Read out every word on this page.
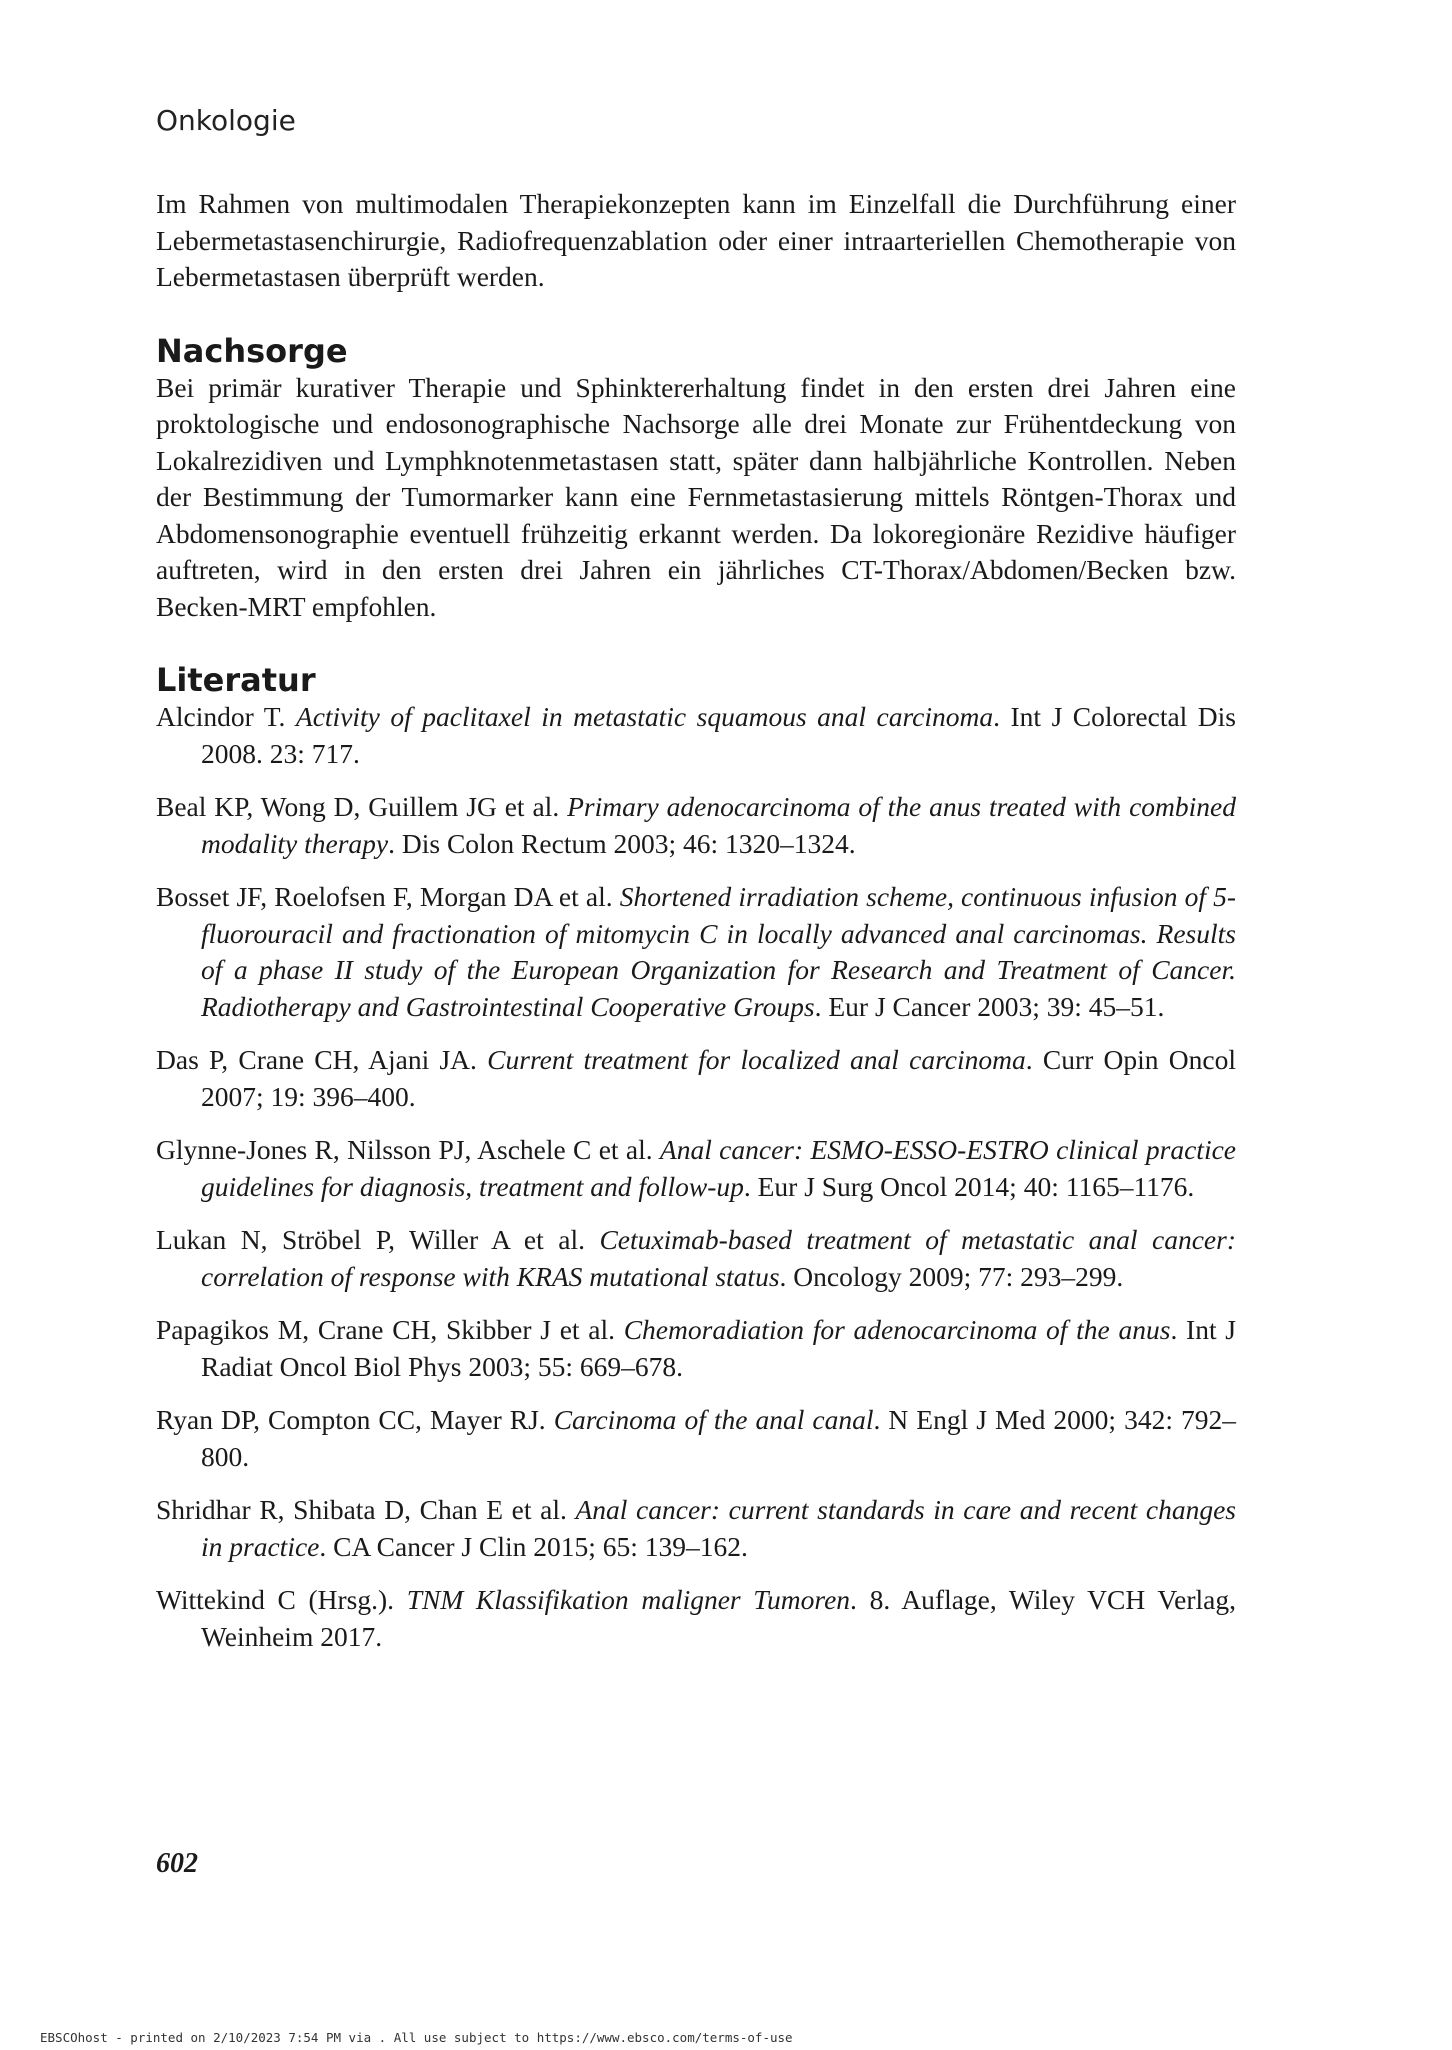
Onkologie

Im Rahmen von multimodalen Therapiekonzepten kann im Einzelfall die Durchführung einer Lebermetastasenchirurgie, Radiofrequenzablation oder einer intraarteriellen Chemotherapie von Lebermetastasen überprüft werden.

Nachsorge

Bei primär kurativer Therapie und Sphinktererhaltung findet in den ersten drei Jahren eine proktologische und endosonographische Nachsorge alle drei Monate zur Frühentdeckung von Lokalrezidiven und Lymphknotenmetastasen statt, später dann halbjährliche Kontrollen. Neben der Bestimmung der Tumormarker kann eine Fernmetastasierung mittels Röntgen-Thorax und Abdomensonographie eventuell frühzeitig erkannt werden. Da lokoregionäre Rezidive häufiger auftreten, wird in den ersten drei Jahren ein jährliches CT-Thorax/Abdomen/Becken bzw. Becken-MRT empfohlen.

Literatur

Alcindor T. Activity of paclitaxel in metastatic squamous anal carcinoma. Int J Colorectal Dis 2008. 23: 717.

Beal KP, Wong D, Guillem JG et al. Primary adenocarcinoma of the anus treated with combined modality therapy. Dis Colon Rectum 2003; 46: 1320–1324.

Bosset JF, Roelofsen F, Morgan DA et al. Shortened irradiation scheme, continuous infusion of 5-fluorouracil and fractionation of mitomycin C in locally advanced anal carcinomas. Results of a phase II study of the European Organization for Research and Treatment of Cancer. Radiotherapy and Gastrointestinal Cooperative Groups. Eur J Cancer 2003; 39: 45–51.

Das P, Crane CH, Ajani JA. Current treatment for localized anal carcinoma. Curr Opin Oncol 2007; 19: 396–400.

Glynne-Jones R, Nilsson PJ, Aschele C et al. Anal cancer: ESMO-ESSO-ESTRO clinical practice guidelines for diagnosis, treatment and follow-up. Eur J Surg Oncol 2014; 40: 1165–1176.

Lukan N, Ströbel P, Willer A et al. Cetuximab-based treatment of metastatic anal cancer: correlation of response with KRAS mutational status. Oncology 2009; 77: 293–299.

Papagikos M, Crane CH, Skibber J et al. Chemoradiation for adenocarcinoma of the anus. Int J Radiat Oncol Biol Phys 2003; 55: 669–678.

Ryan DP, Compton CC, Mayer RJ. Carcinoma of the anal canal. N Engl J Med 2000; 342: 792–800.

Shridhar R, Shibata D, Chan E et al. Anal cancer: current standards in care and recent changes in practice. CA Cancer J Clin 2015; 65: 139–162.

Wittekind C (Hrsg.). TNM Klassifikation maligner Tumoren. 8. Auflage, Wiley VCH Verlag, Weinheim 2017.

602

EBSCOhost - printed on 2/10/2023 7:54 PM via . All use subject to https://www.ebsco.com/terms-of-use
